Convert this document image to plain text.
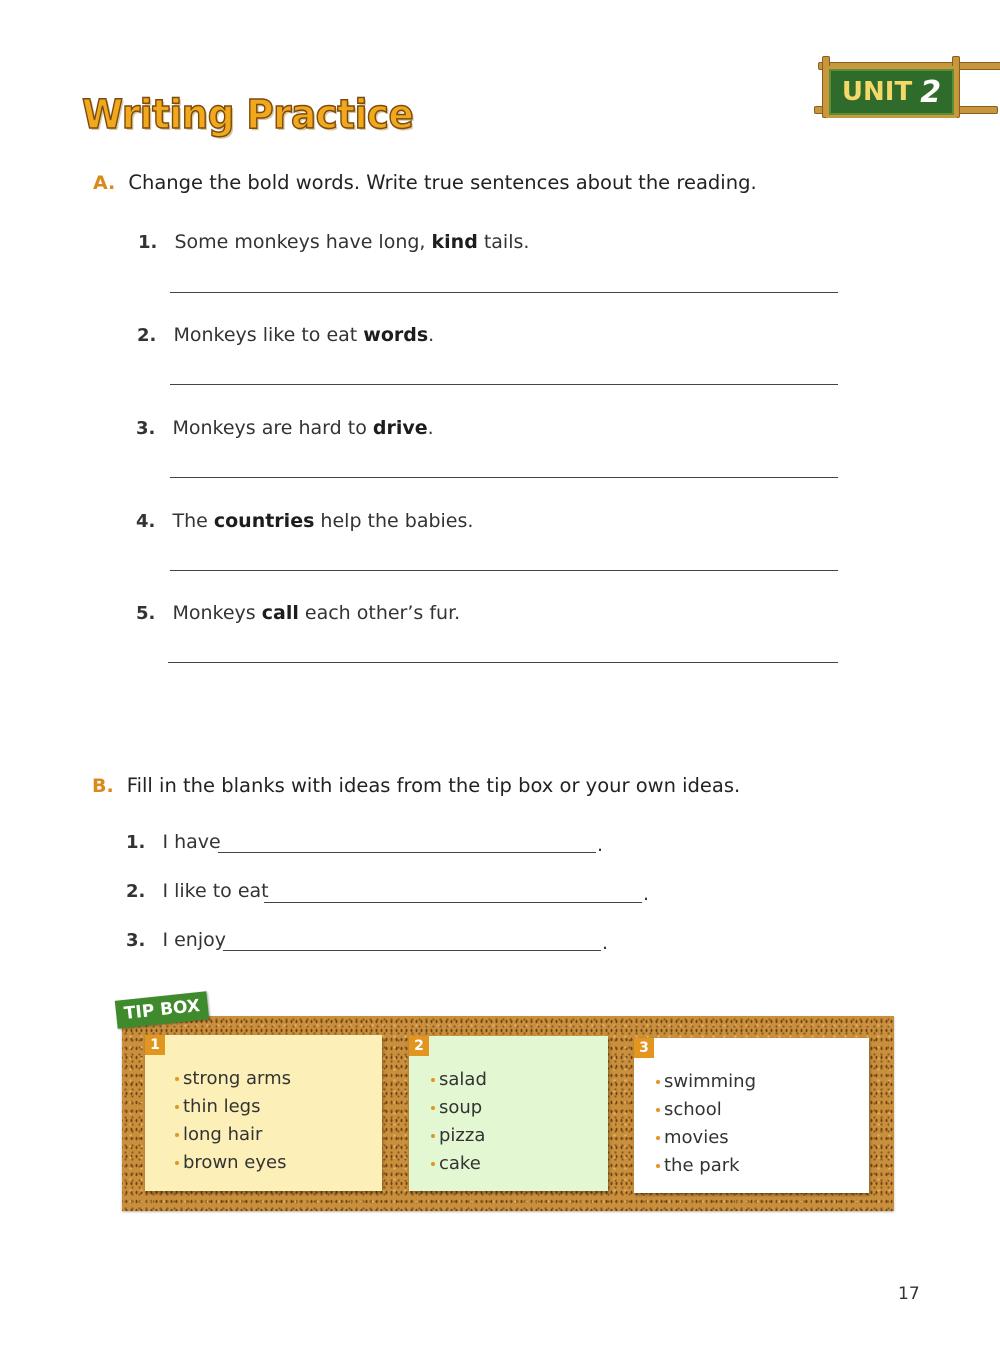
Writing Practice	UNIT 2
A. Change the bold words. Write true sentences about the reading.
1. Some monkeys have long, kind tails.
2. Monkeys like to eat words.
3. Monkeys are hard to drive.
4. The countries help the babies.
5. Monkeys call each other’s fur.
B. Fill in the blanks with ideas from the tip box or your own ideas.
1. I have	.
2. I like to eat	.
3. I enjoy	.
TIP BOX
1
strong arms
thin legs
long hair
brown eyes
2
salad
soup
pizza
cake
3
swimming
school
movies
the park
17
